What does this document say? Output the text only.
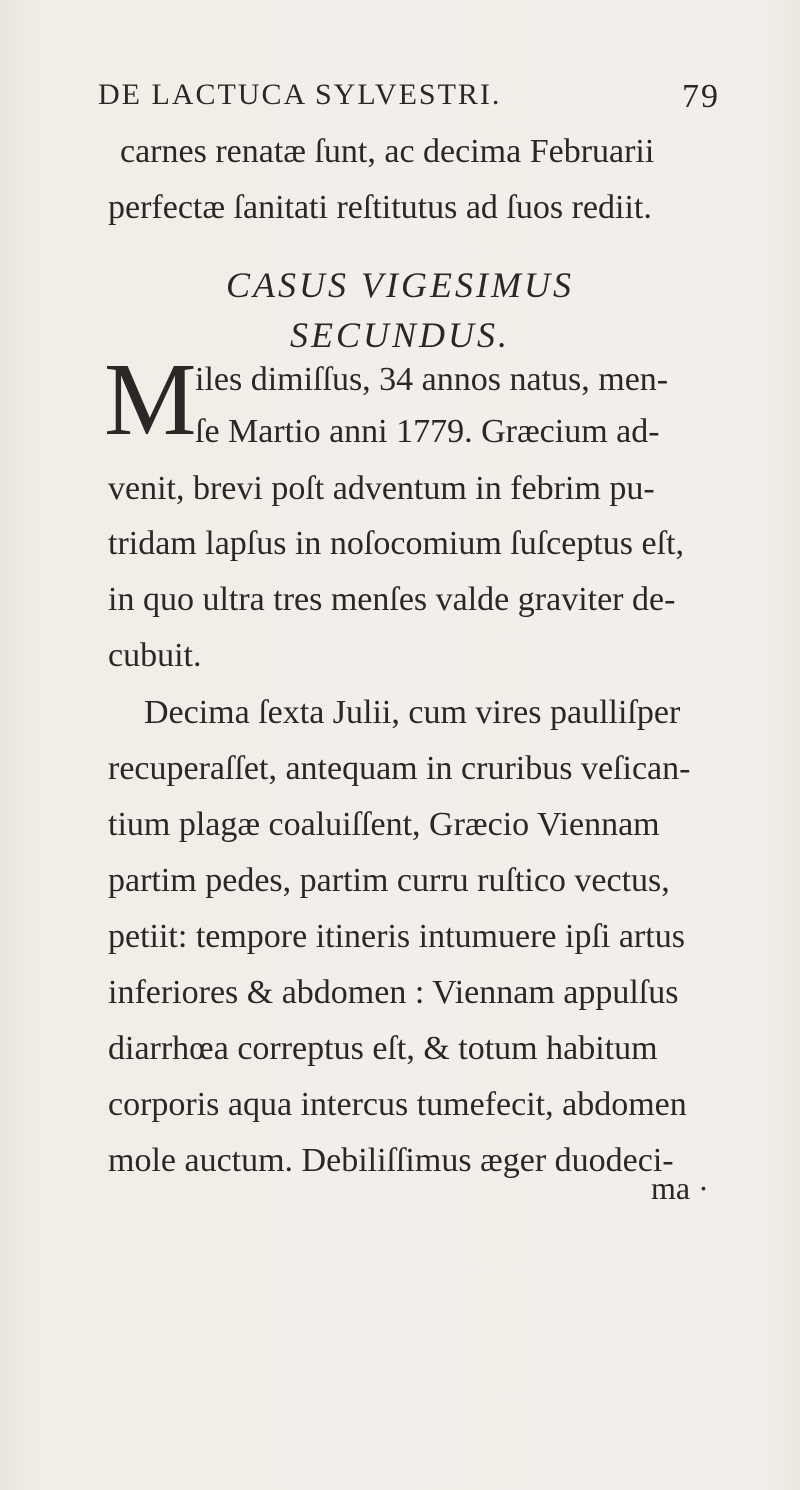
DE LACTUCA SYLVESTRI.	79
carnes renatæ ſunt, ac decima Februarii
perfectæ ſanitati reſtitutus ad ſuos rediit.
CASUS VIGESIMUS
SECUNDUS.
M
iles dimiſſus, 34 annos natus, men-
ſe Martio anni 1779. Græcium ad-
venit, brevi poſt adventum in febrim pu-
tridam lapſus in noſocomium ſuſceptus eſt,
in quo ultra tres menſes valde graviter de-
cubuit.
Decima ſexta Julii, cum vires paulliſper
recuperaſſet, antequam in cruribus veſican-
tium plagæ coaluiſſent, Græcio Viennam
partim pedes, partim curru ruſtico vectus,
petiit: tempore itineris intumuere ipſi artus
inferiores & abdomen : Viennam appulſus
diarrhœa correptus eſt, & totum habitum
corporis aqua intercus tumefecit, abdomen
mole auctum. Debiliſſimus æger duodeci-
ma ·
